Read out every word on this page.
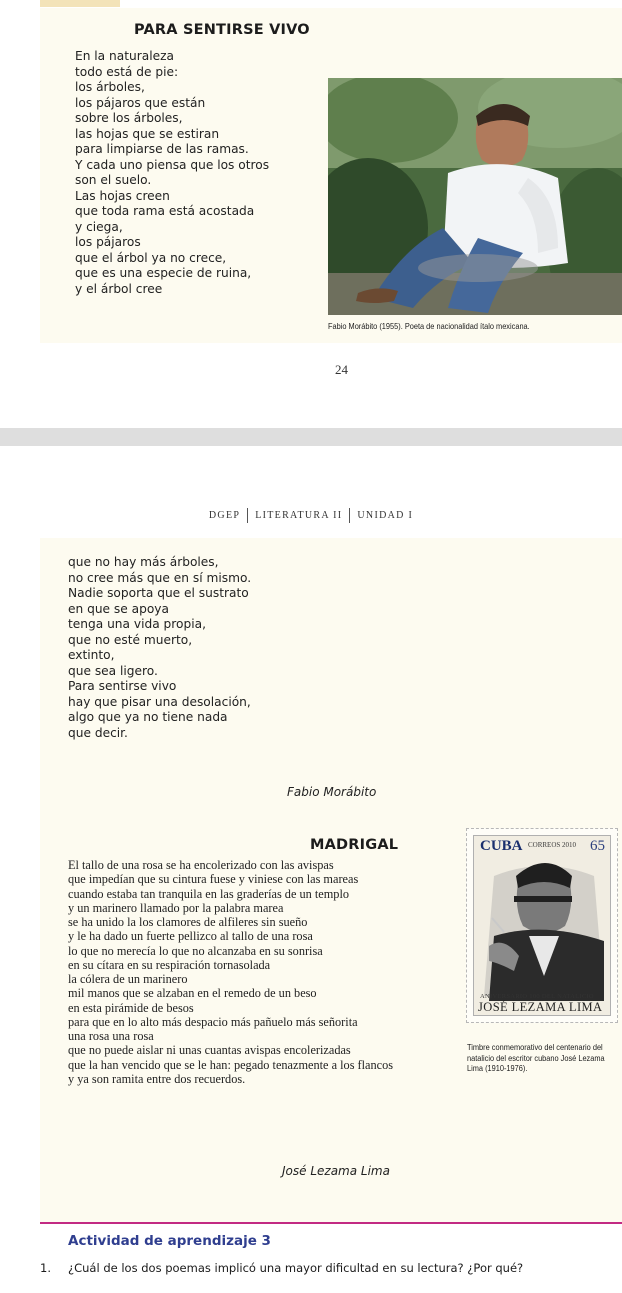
PARA SENTIRSE VIVO
En la naturaleza
todo está de pie:
los árboles,
los pájaros que están
sobre los árboles,
las hojas que se estiran
para limpiarse de las ramas.
Y cada uno piensa que los otros
son el suelo.
Las hojas creen
que toda rama está acostada
y ciega,
los pájaros
que el árbol ya no crece,
que es una especie de ruina,
y el árbol cree
Fabio Morábito (1955). Poeta de nacionalidad ítalo mexicana.
24
DGEP LITERATURA II UNIDAD I
que no hay más árboles,
no cree más que en sí mismo.
Nadie soporta que el sustrato
en que se apoya
tenga una vida propia,
que no esté muerto,
extinto,
que sea ligero.
Para sentirse vivo
hay que pisar una desolación,
algo que ya no tiene nada
que decir.
Fabio Morábito
MADRIGAL
El tallo de una rosa se ha encolerizado con las avispas
que impedían que su cintura fuese y viniese con las mareas
cuando estaba tan tranquila en las graderías de un templo
y un marinero llamado por la palabra marea
se ha unido la los clamores de alfileres sin sueño
y le ha dado un fuerte pellizco al tallo de una rosa
lo que no merecía lo que no alcanzaba en su sonrisa
en su cítara en su respiración tornasolada
la cólera de un marinero
mil manos que se alzaban en el remedo de un beso
en esta pirámide de besos
para que en lo alto más despacio más pañuelo más señorita
una rosa una rosa
que no puede aislar ni unas cuantas avispas encolerizadas
que la han vencido que se le han: pegado tenazmente a los flancos
y ya son ramita entre dos recuerdos.
CUBA CORREOS 2010 65
ANIVERSARIO 100 DEL NATALICIO
JOSÉ LEZAMA LIMA
Timbre conmemorativo del centenario del
natalicio del escritor cubano José Lezama
Lima (1910-1976).
José Lezama Lima
Actividad de aprendizaje 3
1. ¿Cuál de los dos poemas implicó una mayor dificultad en su lectura? ¿Por qué?
